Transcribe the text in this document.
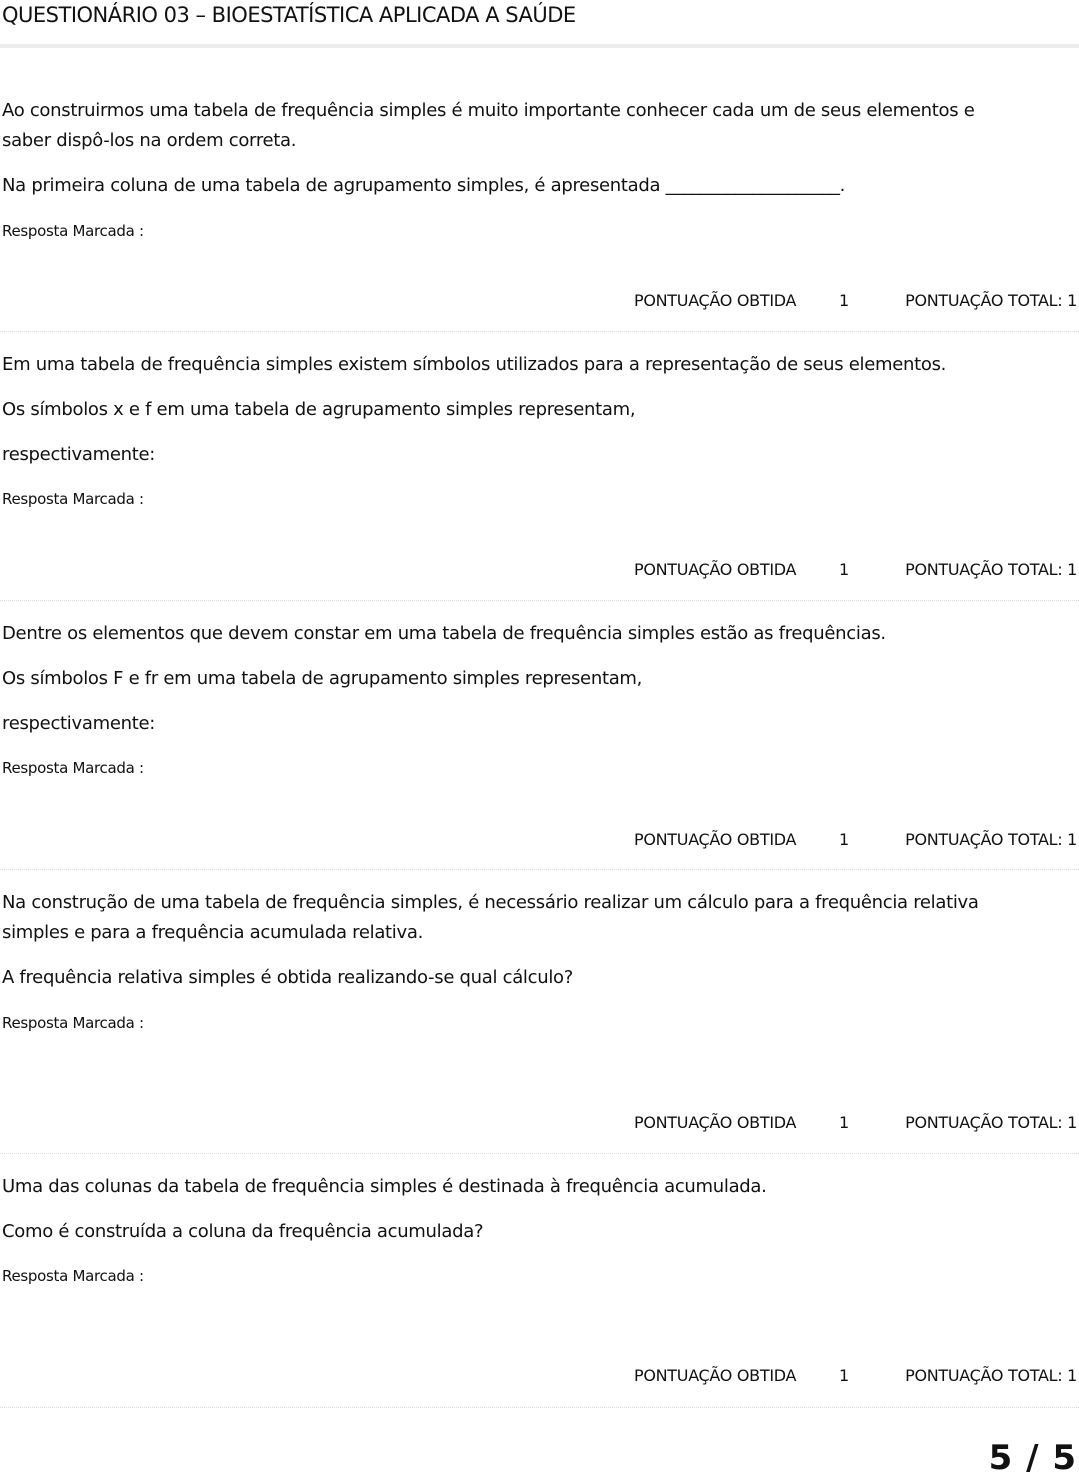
QUESTIONÁRIO 03 – BIOESTATÍSTICA APLICADA A SAÚDE
Ao construirmos uma tabela de frequência simples é muito importante conhecer cada um de seus elementos e
saber dispô-los na ordem correta.
Na primeira coluna de uma tabela de agrupamento simples, é apresentada ____________________.
Resposta Marcada :
PONTUAÇÃO OBTIDA	1	PONTUAÇÃO TOTAL: 1
Em uma tabela de frequência simples existem símbolos utilizados para a representação de seus elementos.
Os símbolos x e f em uma tabela de agrupamento simples representam,
respectivamente:
Resposta Marcada :
PONTUAÇÃO OBTIDA	1	PONTUAÇÃO TOTAL: 1
Dentre os elementos que devem constar em uma tabela de frequência simples estão as frequências.
Os símbolos F e fr em uma tabela de agrupamento simples representam,
respectivamente:
Resposta Marcada :
PONTUAÇÃO OBTIDA	1	PONTUAÇÃO TOTAL: 1
Na construção de uma tabela de frequência simples, é necessário realizar um cálculo para a frequência relativa
simples e para a frequência acumulada relativa.
A frequência relativa simples é obtida realizando-se qual cálculo?
Resposta Marcada :
PONTUAÇÃO OBTIDA	1	PONTUAÇÃO TOTAL: 1
Uma das colunas da tabela de frequência simples é destinada à frequência acumulada.
Como é construída a coluna da frequência acumulada?
Resposta Marcada :
PONTUAÇÃO OBTIDA	1	PONTUAÇÃO TOTAL: 1
5 / 5
